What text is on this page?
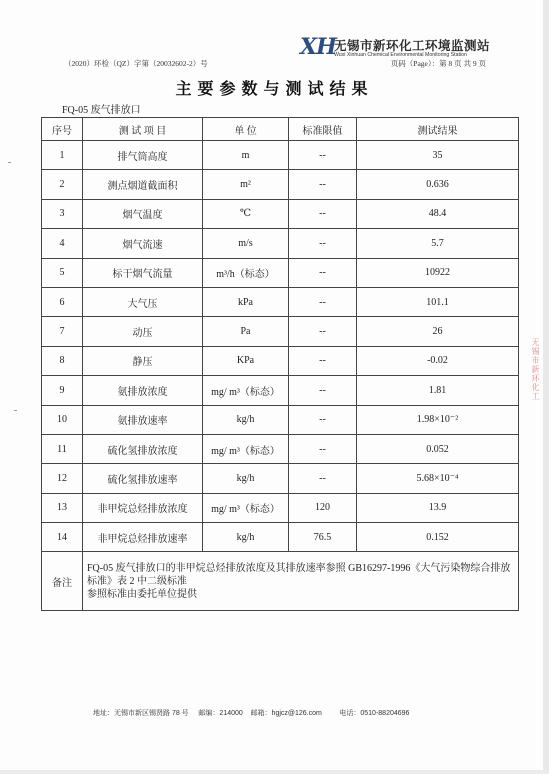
XH
无锡市新环化工环境监测站
Wuxi Xinhuan Chemical Environmental Monitoring Station
（2020）环检（QZ）字第（20032602-2）号	页码（Page）：第 8 页 共 9 页
主要参数与测试结果
FQ-05 废气排放口
序号	测 试 项 目	单 位	标准限值	测试结果
1	排气筒高度	m	--	35
2	测点烟道截面积	m²	--	0.636
3	烟气温度	℃	--	48.4
4	烟气流速	m/s	--	5.7
5	标干烟气流量	m³/h（标态）	--	10922
6	大气压	kPa	--	101.1
7	动压	Pa	--	26
8	静压	KPa	--	-0.02
9	氨排放浓度	mg/ m³（标态）	--	1.81
10	氨排放速率	kg/h	--	1.98×10⁻²
11	硫化氢排放浓度	mg/ m³（标态）	--	0.052
12	硫化氢排放速率	kg/h	--	5.68×10⁻⁴
13	非甲烷总烃排放浓度	mg/ m³（标态）	120	13.9
14	非甲烷总烃排放速率	kg/h	76.5	0.152
备注	FQ-05 废气排放口的非甲烷总烃排放浓度及其排放速率参照 GB16297-1996《大气污染物综合排放标准》表 2 中二级标准
参照标准由委托单位提供			
无锡市新环化工
地址：无锡市新区锡贤路 78 号 邮编：214000 邮箱：hgjcz@126.com	电话：0510-88204696
